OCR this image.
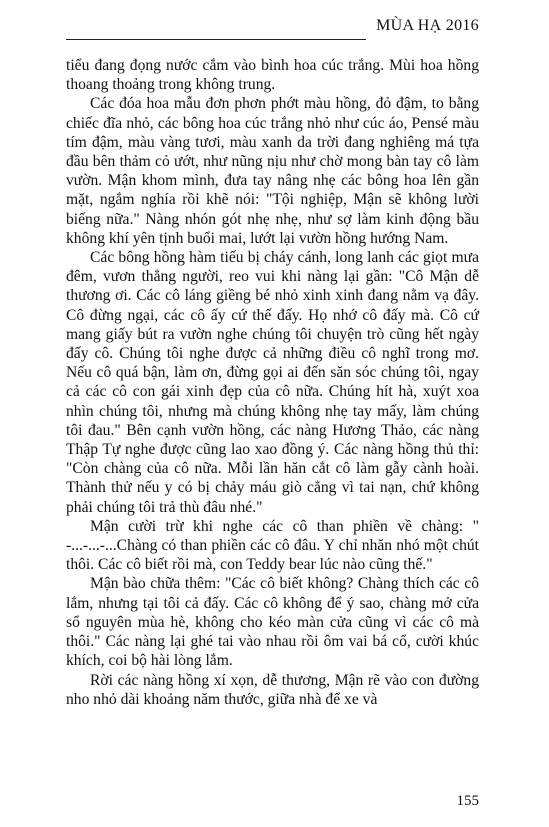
MÙA HẠ 2016

tiểu đang đọng nước cắm vào bình hoa cúc trắng. Mùi hoa hồng thoang thoảng trong không trung.

Các đóa hoa mẫu đơn phơn phớt màu hồng, đỏ đậm, to bằng chiếc đĩa nhỏ, các bông hoa cúc trắng nhỏ như cúc áo, Pensé màu tím đậm, màu vàng tươi, màu xanh da trời đang nghiêng má tựa đầu bên thảm cỏ ướt, như nũng nịu như chờ mong bàn tay cô làm vườn. Mận khom mình, đưa tay nâng nhẹ các bông hoa lên gần mặt, ngắm nghía rồi khẽ nói: "Tội nghiệp, Mận sẽ không lười biếng nữa." Nàng nhón gót nhẹ nhẹ, như sợ làm kinh động bầu không khí yên tịnh buổi mai, lướt lại vườn hồng hướng Nam.

Các bông hồng hàm tiếu bị cháy cánh, long lanh các giọt mưa đêm, vươn thẳng người, reo vui khi nàng lại gần: "Cô Mận dễ thương ơi. Các cô láng giềng bé nhỏ xinh xinh đang nằm vạ đây. Cô đừng ngại, các cô ấy cứ thế đấy. Họ nhớ cô đấy mà. Cô cứ mang giấy bút ra vườn nghe chúng tôi chuyện trò cũng hết ngày đấy cô. Chúng tôi nghe được cả những điều cô nghĩ trong mơ. Nếu cô quá bận, làm ơn, đừng gọi ai đến săn sóc chúng tôi, ngay cả các cô con gái xinh đẹp của cô nữa. Chúng hít hà, xuýt xoa nhìn chúng tôi, nhưng mà chúng không nhẹ tay mấy, làm chúng tôi đau." Bên cạnh vườn hồng, các nàng Hương Thảo, các nàng Thập Tự nghe được cũng lao xao đồng ý. Các nàng hồng thủ thỉ: "Còn chàng của cô nữa. Mỗi lần hăn cắt cô làm gẫy cành hoài. Thành thử nếu y có bị chảy máu giò cẳng vì tai nạn, chứ không phải chúng tôi trả thù đâu nhé."

Mận cười trừ khi nghe các cô than phiền về chàng: " -...-...-...Chàng có than phiền các cô đâu. Y chỉ nhăn nhó một chút thôi. Các cô biết rồi mà, con Teddy bear lúc nào cũng thế."

Mận bào chữa thêm: "Các cô biết không? Chàng thích các cô lắm, nhưng tại tôi cả đấy. Các cô không để ý sao, chàng mở cửa sổ nguyên mùa hè, không cho kéo màn cửa cũng vì các cô mà thôi." Các nàng lại ghé tai vào nhau rồi ôm vai bá cổ, cười khúc khích, coi bộ hài lòng lắm.

Rời các nàng hồng xí xọn, dễ thương, Mận rẽ vào con đường nho nhỏ dài khoảng năm thước, giữa nhà để xe và

155
